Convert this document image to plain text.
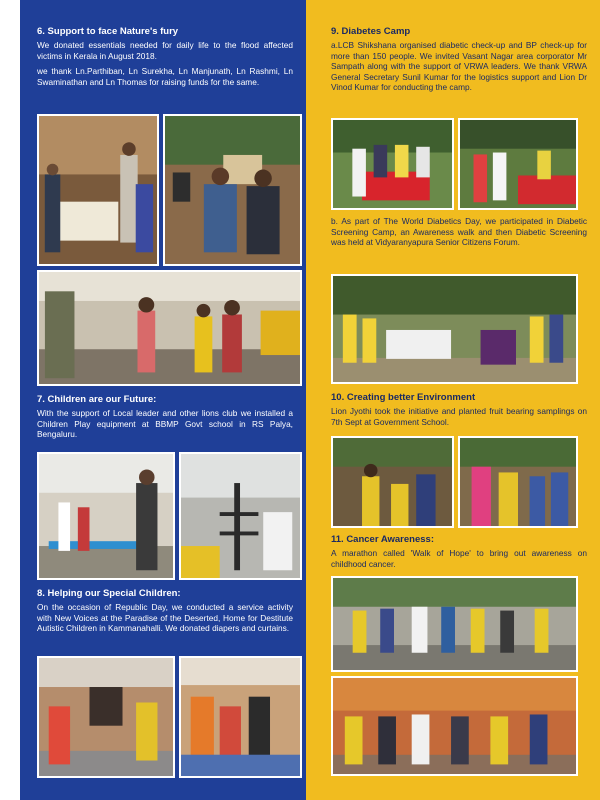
6. Support to face Nature's fury

We donated essentials needed for daily life to the flood affected victims in Kerala in August 2018.

we thank Ln.Parthiban, Ln Surekha, Ln Manjunath, Ln Rashmi, Ln Swaminathan and Ln Thomas for raising funds for the same.

7. Children are our Future:

With the support of Local leader and other lions club we installed a Children Play equipment at BBMP Govt school in RS Palya, Bengaluru.

8. Helping our Special Children:

On the occasion of Republic Day, we conducted a service activity with New Voices at the Paradise of the Deserted, Home for Destitute Autistic Children in Kammanahalli. We donated diapers and curtains.

9. Diabetes Camp

a.LCB Shikshana organised diabetic check-up and BP check-up for more than 150 people. We invited Vasant Nagar area corporator Mr Sampath along with the support of VRWA leaders. We thank VRWA General Secretary Sunil Kumar for the logistics support and Lion Dr Vinod Kumar for conducting the camp.

b. As part of The World Diabetics Day, we participated in Diabetic Screening Camp, an Awareness walk and then Diabetic Screening was held at Vidyaranyapura Senior Citizens Forum.

10. Creating better Environment

Lion Jyothi took the initiative and planted fruit bearing samplings on 7th Sept at Government School.

11. Cancer Awareness:

A marathon called 'Walk of Hope' to bring out awareness on childhood cancer.
